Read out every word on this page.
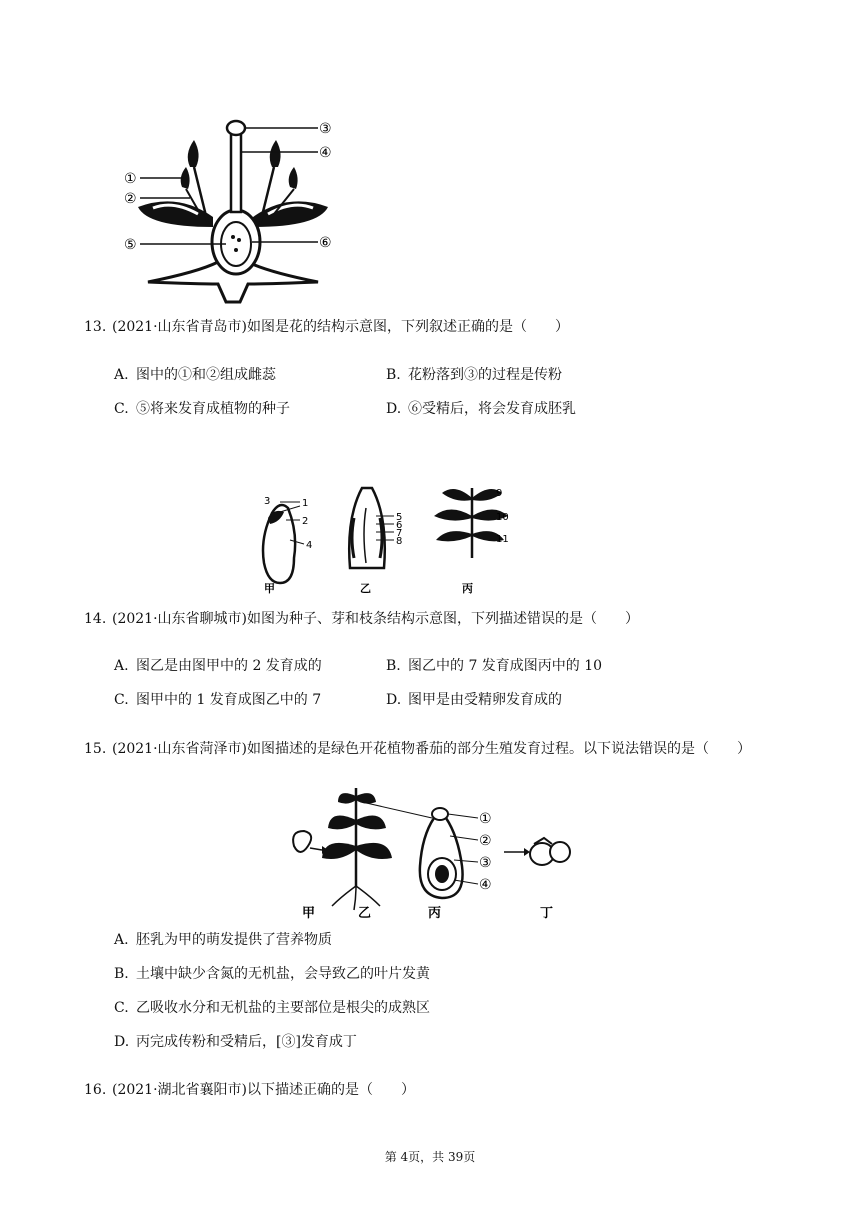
③
④
①
②
⑤	⑥
13. (2021·山东省青岛市)如图是花的结构示意图，下列叙述正确的是（　　）
A. 图中的①和②组成雌蕊	B. 花粉落到③的过程是传粉
C. ⑤将来发育成植物的种子	D. ⑥受精后，将会发育成胚乳
3	1
2
4
甲
5
6
7
8
乙
9
10
11
丙
14. (2021·山东省聊城市)如图为种子、芽和枝条结构示意图，下列描述错误的是（　　）
A. 图乙是由图甲中的 2 发育成的	B. 图乙中的 7 发育成图丙中的 10
C. 图甲中的 1 发育成图乙中的 7	D. 图甲是由受精卵发育成的
15. (2021·山东省菏泽市)如图描述的是绿色开花植物番茄的部分生殖发育过程。以下说法错误的是（　　）
①
②
③
④
甲	乙	丙	丁
A. 胚乳为甲的萌发提供了营养物质
B. 土壤中缺少含氮的无机盐，会导致乙的叶片发黄
C. 乙吸收水分和无机盐的主要部位是根尖的成熟区
D. 丙完成传粉和受精后，[③]发育成丁
16. (2021·湖北省襄阳市)以下描述正确的是（　　）
第 4页，共 39页
